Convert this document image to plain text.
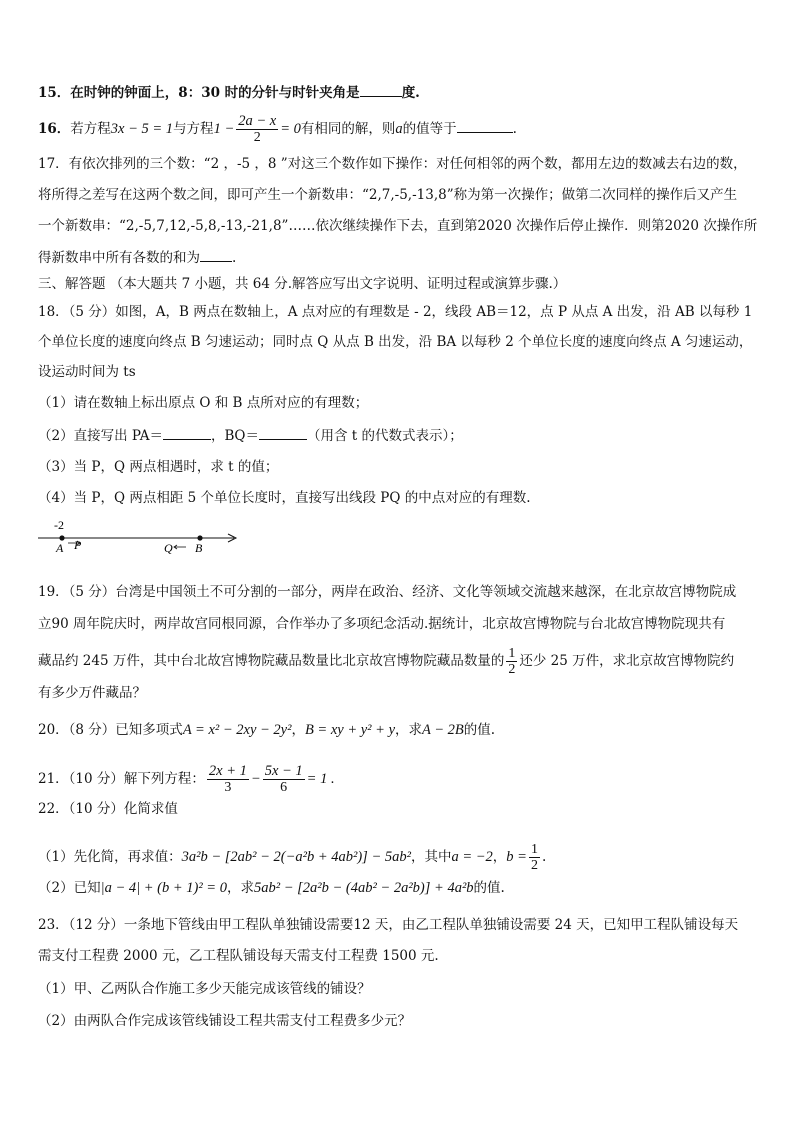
15．在时钟的钟面上，8：30 时的分针与时针夹角是	度.
16．若方程3x − 5 = 1与方程$1 - \frac{2a - x}{2} = 0$有相同的解，则a的值等于	.
17．有依次排列的三个数：“2 ，-5 ，8 ”对这三个数作如下操作：对任何相邻的两个数，都用左边的数减去右边的数，
将所得之差写在这两个数之间，即可产生一个新数串：“2,7,-5,-13,8”称为第一次操作；做第二次同样的操作后又产生
一个新数串：“2,-5,7,12,-5,8,-13,-21,8”……依次继续操作下去，直到第2020 次操作后停止操作．则第2020 次操作所
得新数串中所有各数的和为 .
三、解答题 （本大题共 7 小题，共 64 分.解答应写出文字说明、证明过程或演算步骤.）
18．（5 分）如图，A，B 两点在数轴上，A 点对应的有理数是 - 2，线段 AB＝12，点 P 从点 A 出发，沿 AB 以每秒 1
个单位长度的速度向终点 B 匀速运动；同时点 Q 从点 B 出发，沿 BA 以每秒 2 个单位长度的速度向终点 A 匀速运动，
设运动时间为 ts
（1）请在数轴上标出原点 O 和 B 点所对应的有理数；
（2）直接写出 PA＝	，BQ＝	（用含 t 的代数式表示）；
（3）当 P，Q 两点相遇时，求 t 的值；
（4）当 P，Q 两点相距 5 个单位长度时，直接写出线段 PQ 的中点对应的有理数.
-2
A P	Q B
19．（5 分）台湾是中国领土不可分割的一部分，两岸在政治、经济、文化等领域交流越来越深，在北京故宫博物院成
立90 周年院庆时，两岸故宫同根同源，合作举办了多项纪念活动.据统计，北京故宫博物院与台北故宫博物院现共有
藏品约 245 万件，其中台北故宫博物院藏品数量比北京故宫博物院藏品数量的 $\frac{1}{2}$ 还少 25 万件，求北京故宫博物院约
有多少万件藏品？
20．（8 分）已知多项式A = x² − 2xy − 2y²，B = xy + y² + y，求A − 2B的值.
21．（10 分）解下列方程： $\frac{2x + 1}{3} - \frac{5x - 1}{6} = 1$ .
22．（10 分）化简求值
（1）先化简，再求值：3a²b − [2ab² − 2(−a²b + 4ab²)] − 5ab²，其中a = −2，$b = \frac{1}{2}$ .
（2）已知|a − 4| + (b + 1)² = 0，求5ab² − [2a²b − (4ab² − 2a²b)] + 4a²b的值.
23．（12 分）一条地下管线由甲工程队单独铺设需要12 天，由乙工程队单独铺设需要 24 天，已知甲工程队铺设每天
需支付工程费 2000 元，乙工程队铺设每天需支付工程费 1500 元.
（1）甲、乙两队合作施工多少天能完成该管线的铺设？
（2）由两队合作完成该管线铺设工程共需支付工程费多少元？
